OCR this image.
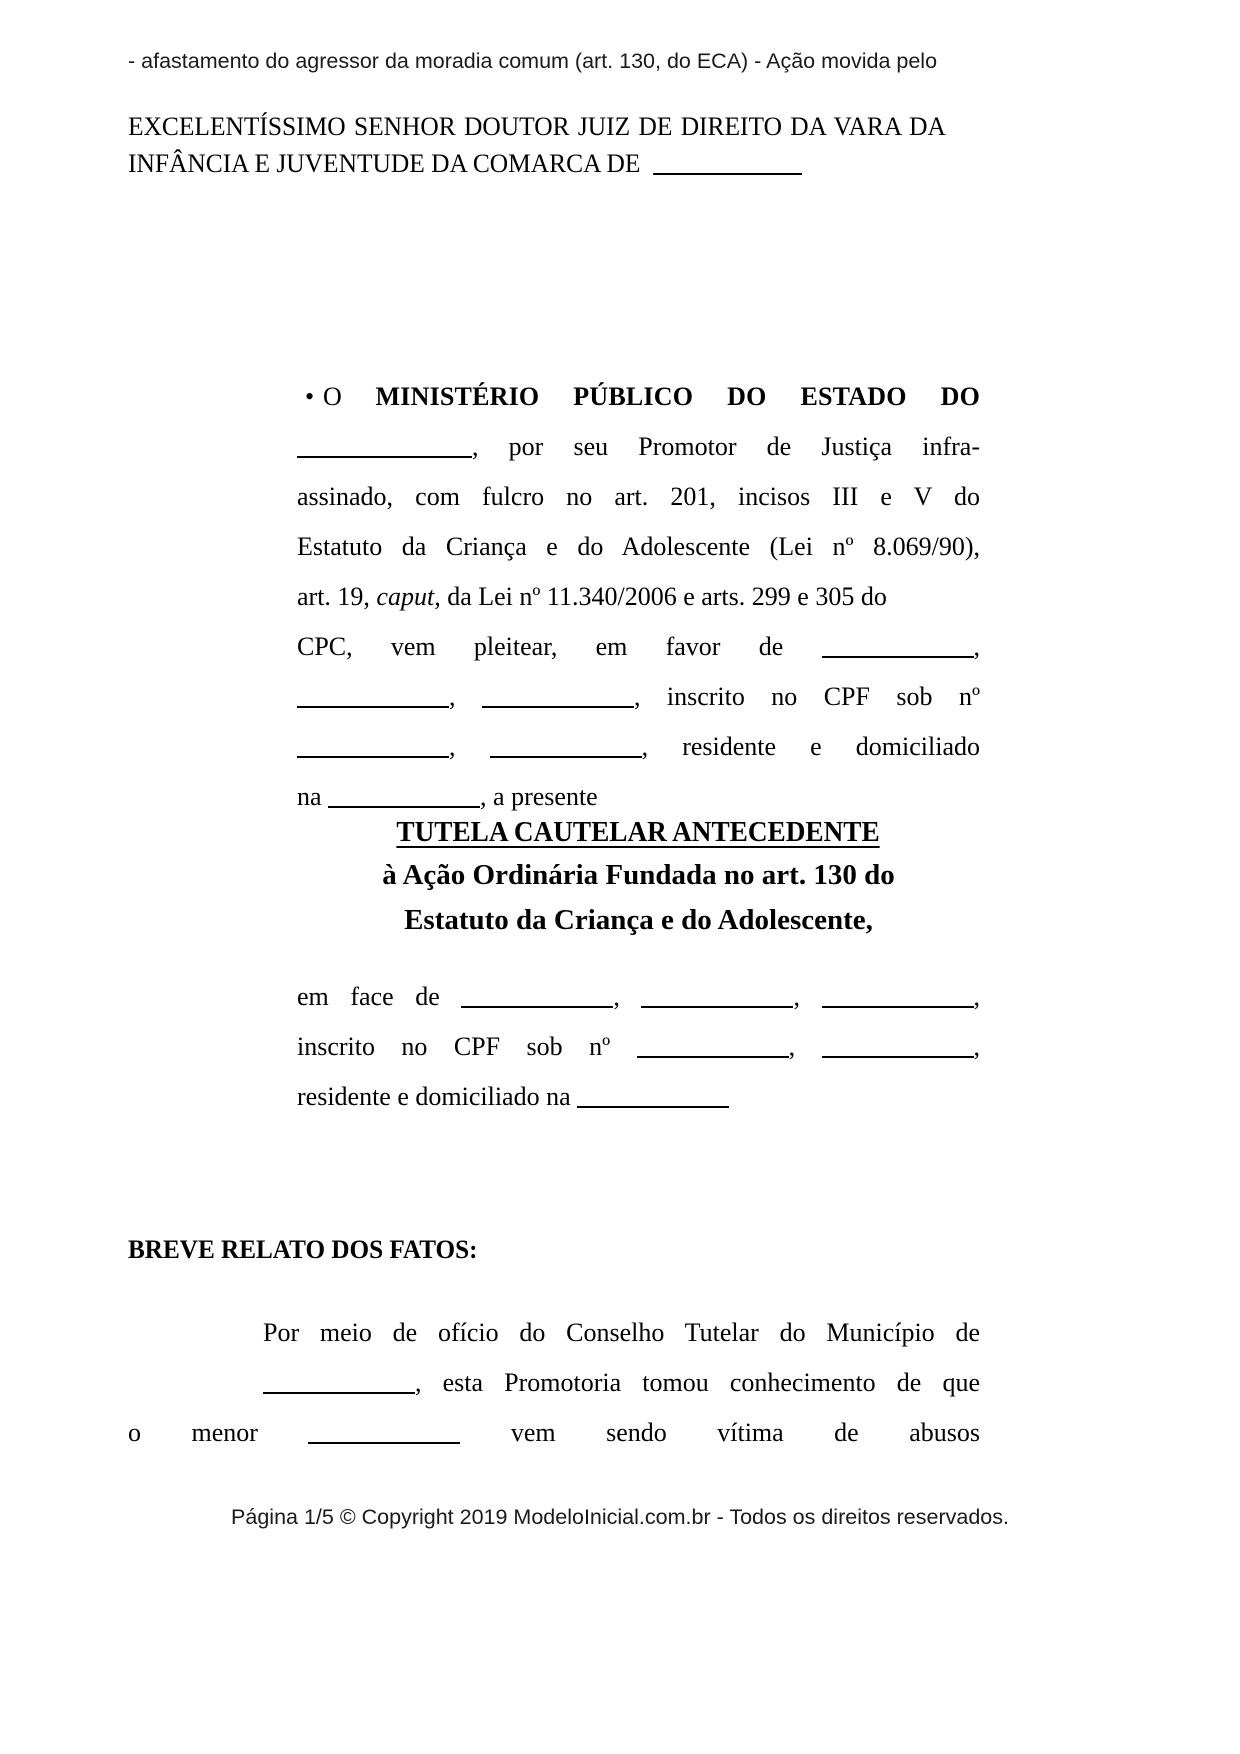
- afastamento do agressor da moradia comum (art. 130, do ECA) - Ação movida pelo
EXCELENTÍSSIMO SENHOR DOUTOR JUIZ DE DIREITO DA VARA DA
INFÂNCIA E JUVENTUDE DA COMARCA DE
• O MINISTÉRIO PÚBLICO DO ESTADO DO
, por seu Promotor de Justiça infra-
assinado, com fulcro no art. 201, incisos III e V do
Estatuto da Criança e do Adolescente (Lei nº 8.069/90),
art. 19, caput, da Lei nº 11.340/2006 e arts. 299 e 305 do
CPC, vem pleitear, em favor de	,
,	, inscrito no CPF sob nº
,	, residente e domiciliado
na	, a presente
TUTELA CAUTELAR ANTECEDENTE
à Ação Ordinária Fundada no art. 130 do
Estatuto da Criança e do Adolescente,
em face de	,	,	,
inscrito no CPF sob nº	,	,
residente e domiciliado na
BREVE RELATO DOS FATOS:
Por meio de ofício do Conselho Tutelar do Município de
, esta Promotoria tomou conhecimento de que
o menor	vem sendo vítima de abusos
Página 1/5 © Copyright 2019 ModeloInicial.com.br - Todos os direitos reservados.
